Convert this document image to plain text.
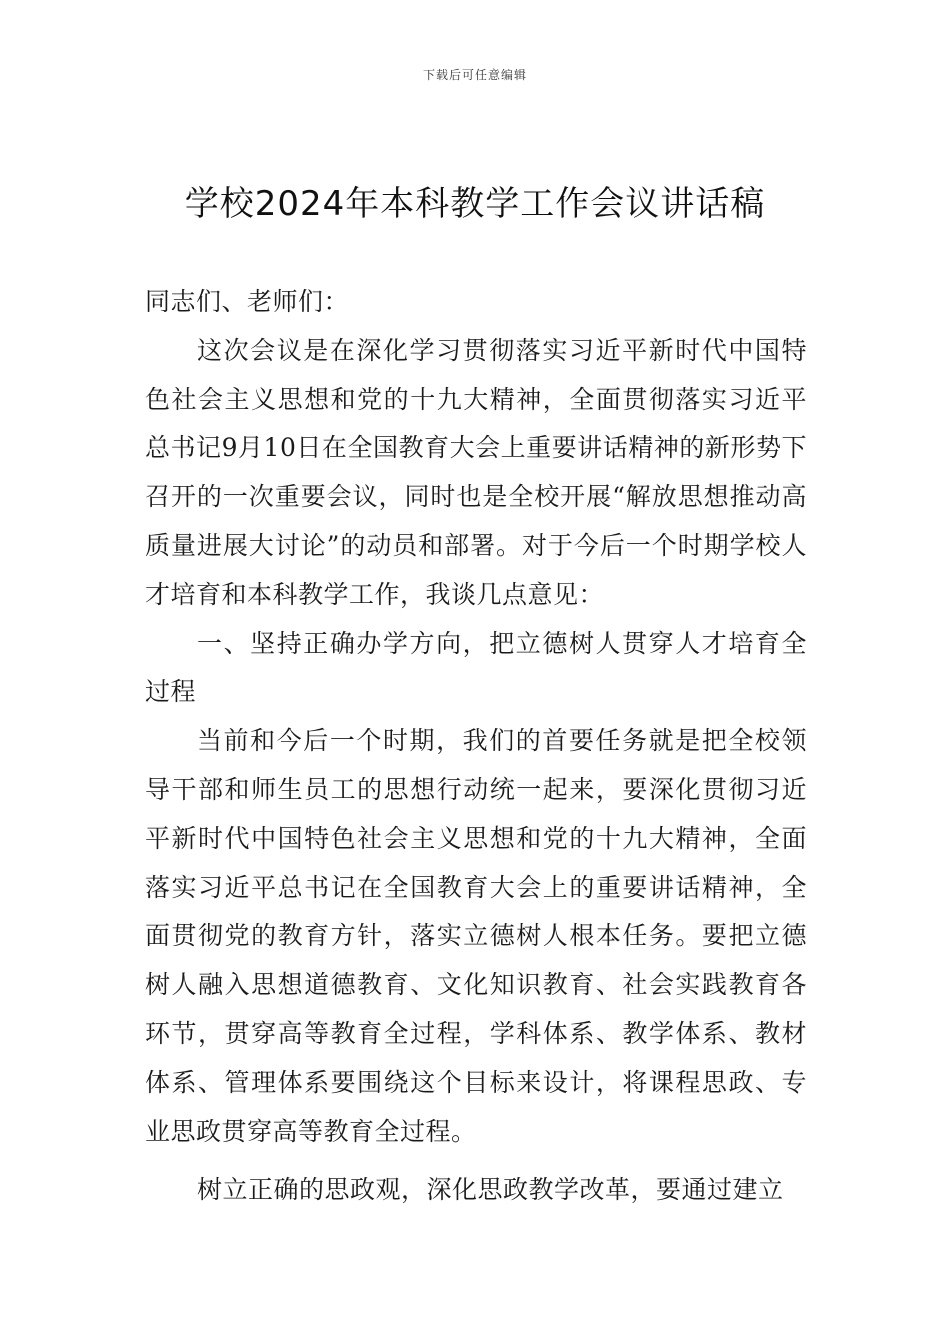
下载后可任意编辑
学校2024年本科教学工作会议讲话稿

同志们、老师们：

这次会议是在深化学习贯彻落实习近平新时代中国特色社会主义思想和党的十九大精神，全面贯彻落实习近平总书记9月10日在全国教育大会上重要讲话精神的新形势下召开的一次重要会议，同时也是全校开展“解放思想推动高质量进展大讨论”的动员和部署。对于今后一个时期学校人才培育和本科教学工作，我谈几点意见：

一、坚持正确办学方向，把立德树人贯穿人才培育全过程

当前和今后一个时期，我们的首要任务就是把全校领导干部和师生员工的思想行动统一起来，要深化贯彻习近平新时代中国特色社会主义思想和党的十九大精神，全面落实习近平总书记在全国教育大会上的重要讲话精神，全面贯彻党的教育方针，落实立德树人根本任务。要把立德树人融入思想道德教育、文化知识教育、社会实践教育各环节，贯穿高等教育全过程，学科体系、教学体系、教材体系、管理体系要围绕这个目标来设计，将课程思政、专业思政贯穿高等教育全过程。

树立正确的思政观，深化思政教学改革，要通过建立
